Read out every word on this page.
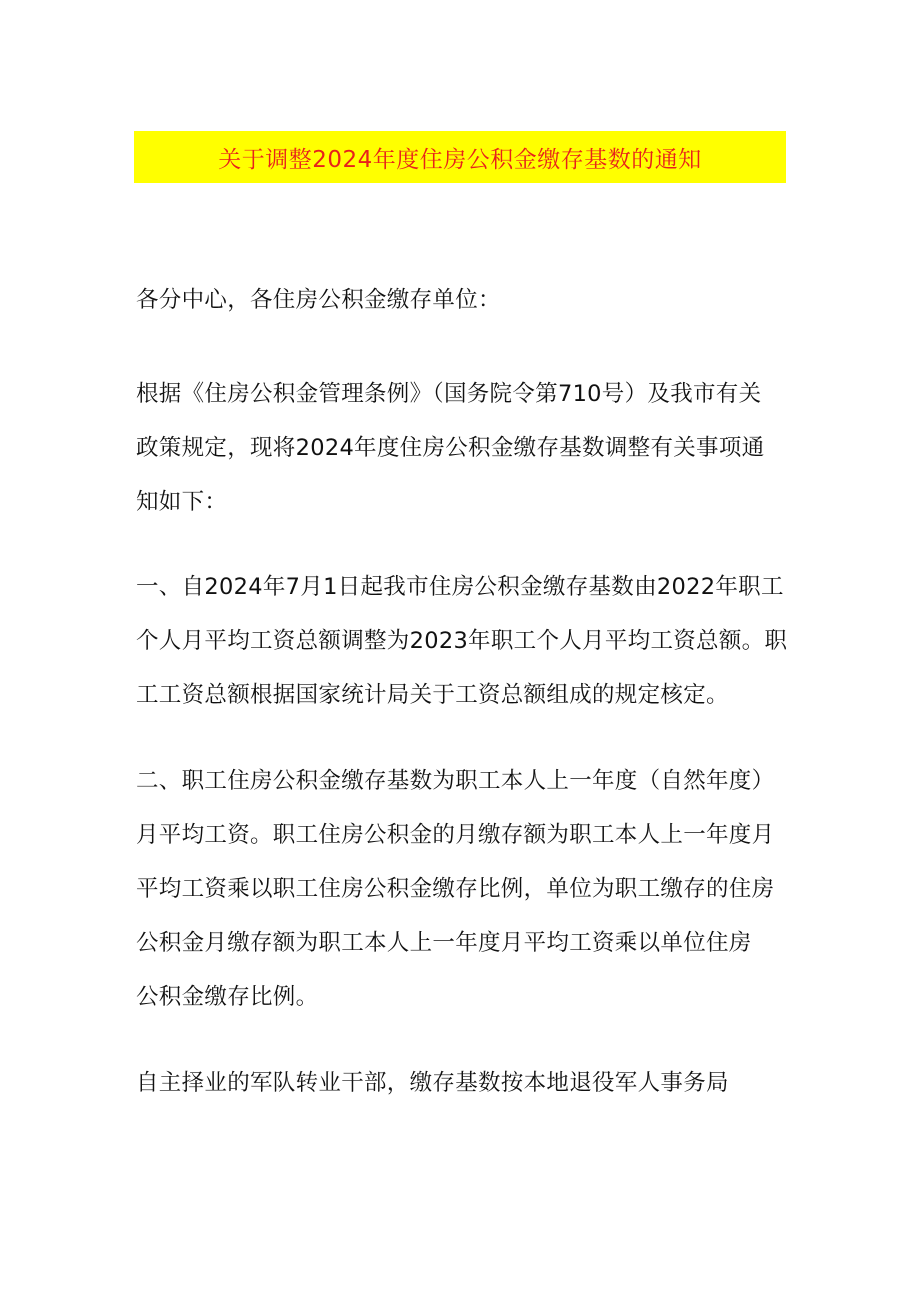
关于调整2024年度住房公积金缴存基数的通知

各分中心，各住房公积金缴存单位：

根据《住房公积金管理条例》（国务院令第710号）及我市有关
政策规定，现将2024年度住房公积金缴存基数调整有关事项通
知如下：

一、自2024年7月1日起我市住房公积金缴存基数由2022年职工
个人月平均工资总额调整为2023年职工个人月平均工资总额。职
工工资总额根据国家统计局关于工资总额组成的规定核定。

二、职工住房公积金缴存基数为职工本人上一年度（自然年度）
月平均工资。职工住房公积金的月缴存额为职工本人上一年度月
平均工资乘以职工住房公积金缴存比例，单位为职工缴存的住房
公积金月缴存额为职工本人上一年度月平均工资乘以单位住房
公积金缴存比例。

自主择业的军队转业干部，缴存基数按本地退役军人事务局
